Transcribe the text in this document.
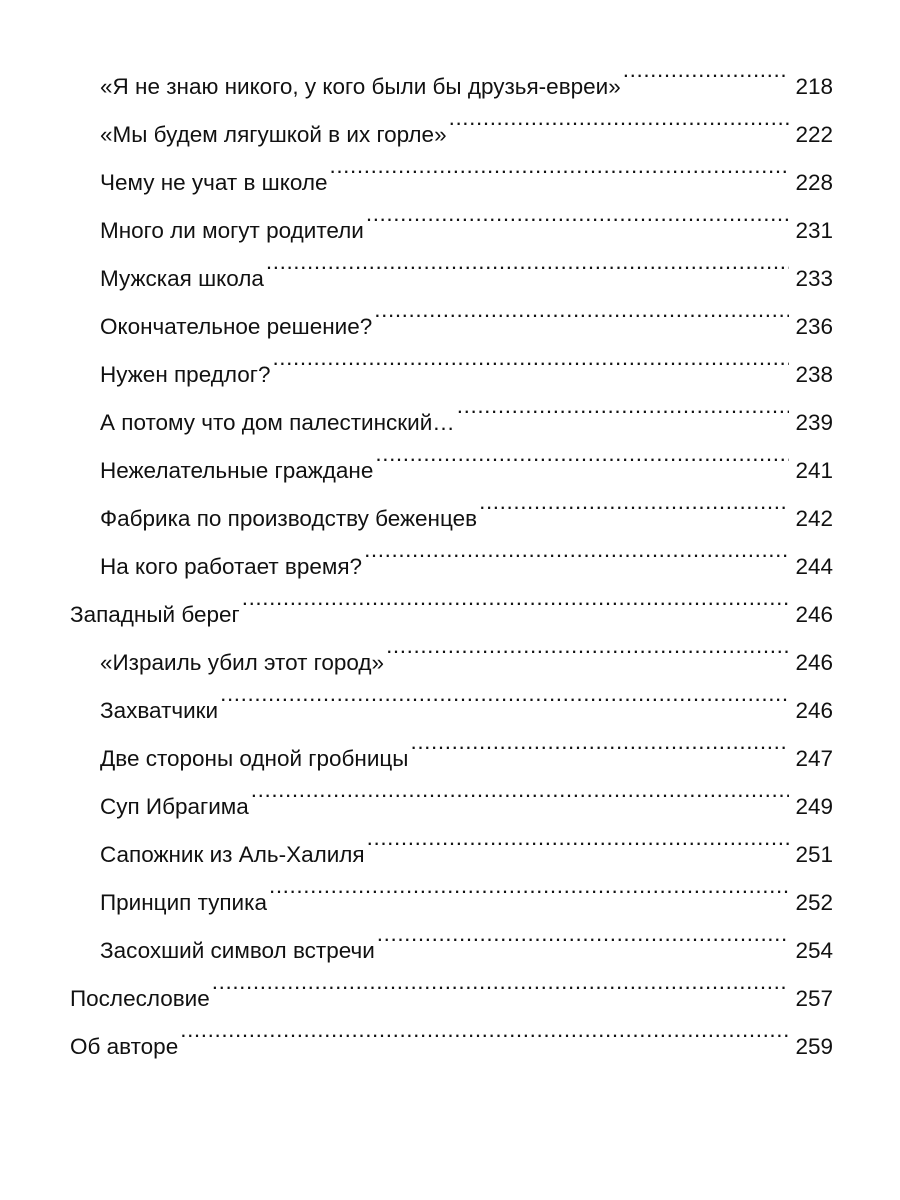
«Я не знаю никого, у кого были бы друзья-евреи» .....	218
«Мы будем лягушкой в их горле» .....	222
Чему не учат в школе .....	228
Много ли могут родители .....	231
Мужская школа .....	233
Окончательное решение? .....	236
Нужен предлог? .....	238
А потому что дом палестинский… .....	239
Нежелательные граждане .....	241
Фабрика по производству беженцев .....	242
На кого работает время? .....	244
Западный берег .....	246
«Израиль убил этот город» .....	246
Захватчики .....	246
Две стороны одной гробницы .....	247
Суп Ибрагима .....	249
Сапожник из Аль-Халиля .....	251
Принцип тупика .....	252
Засохший символ встречи .....	254
Послесловие .....	257
Об авторе .....	259
